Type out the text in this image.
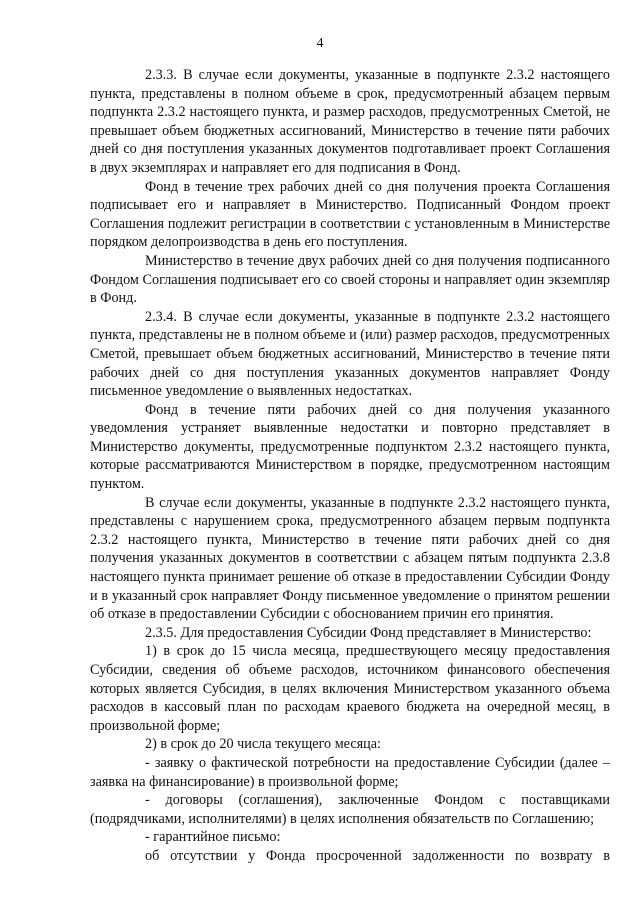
4

2.3.3. В случае если документы, указанные в подпункте 2.3.2 настоящего пункта, представлены в полном объеме в срок, предусмотренный абзацем первым подпункта 2.3.2 настоящего пункта, и размер расходов, предусмотренных Сметой, не превышает объем бюджетных ассигнований, Министерство в течение пяти рабочих дней со дня поступления указанных документов подготавливает проект Соглашения в двух экземплярах и направляет его для подписания в Фонд.

Фонд в течение трех рабочих дней со дня получения проекта Соглашения подписывает его и направляет в Министерство. Подписанный Фондом проект Соглашения подлежит регистрации в соответствии с установленным в Министерстве порядком делопроизводства в день его поступления.

Министерство в течение двух рабочих дней со дня получения подписанного Фондом Соглашения подписывает его со своей стороны и направляет один экземпляр в Фонд.

2.3.4. В случае если документы, указанные в подпункте 2.3.2 настоящего пункта, представлены не в полном объеме и (или) размер расходов, предусмотренных Сметой, превышает объем бюджетных ассигнований, Министерство в течение пяти рабочих дней со дня поступления указанных документов направляет Фонду письменное уведомление о выявленных недостатках.

Фонд в течение пяти рабочих дней со дня получения указанного уведомления устраняет выявленные недостатки и повторно представляет в Министерство документы, предусмотренные подпунктом 2.3.2 настоящего пункта, которые рассматриваются Министерством в порядке, предусмотренном настоящим пунктом.

В случае если документы, указанные в подпункте 2.3.2 настоящего пункта, представлены с нарушением срока, предусмотренного абзацем первым подпункта 2.3.2 настоящего пункта, Министерство в течение пяти рабочих дней со дня получения указанных документов в соответствии с абзацем пятым подпункта 2.3.8 настоящего пункта принимает решение об отказе в предоставлении Субсидии Фонду и в указанный срок направляет Фонду письменное уведомление о принятом решении об отказе в предоставлении Субсидии с обоснованием причин его принятия.

2.3.5. Для предоставления Субсидии Фонд представляет в Министерство:

1) в срок до 15 числа месяца, предшествующего месяцу предоставления Субсидии, сведения об объеме расходов, источником финансового обеспечения которых является Субсидия, в целях включения Министерством указанного объема расходов в кассовый план по расходам краевого бюджета на очередной месяц, в произвольной форме;

2) в срок до 20 числа текущего месяца:

- заявку о фактической потребности на предоставление Субсидии (далее – заявка на финансирование) в произвольной форме;

- договоры (соглашения), заключенные Фондом с поставщиками (подрядчиками, исполнителями) в целях исполнения обязательств по Соглашению;

- гарантийное письмо:

об отсутствии у Фонда просроченной задолженности по возврату в
